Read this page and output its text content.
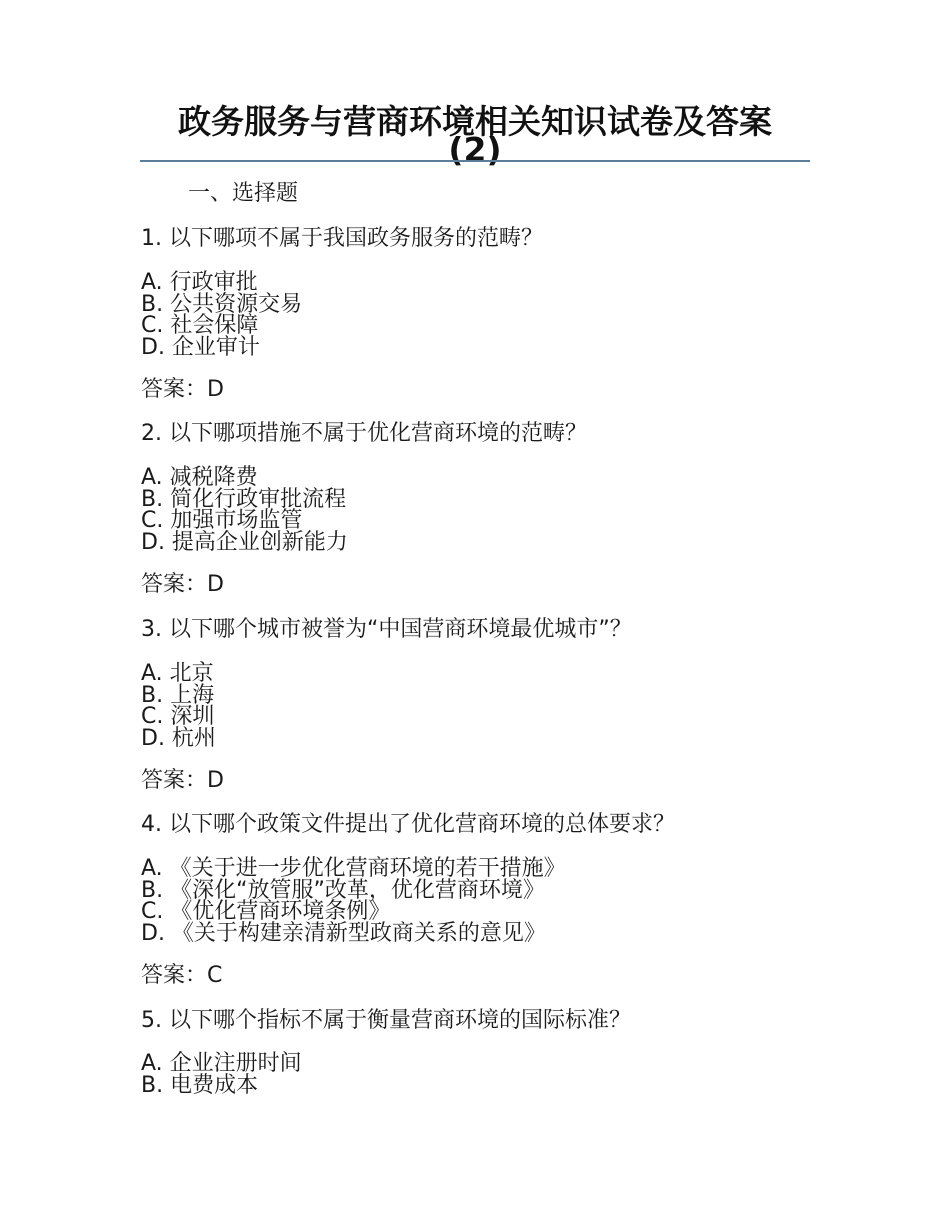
政务服务与营商环境相关知识试卷及答案
(2)
一、选择题
1. 以下哪项不属于我国政务服务的范畴？
A. 行政审批
B. 公共资源交易
C. 社会保障
D. 企业审计
答案：D
2. 以下哪项措施不属于优化营商环境的范畴？
A. 减税降费
B. 简化行政审批流程
C. 加强市场监管
D. 提高企业创新能力
答案：D
3. 以下哪个城市被誉为“中国营商环境最优城市”？
A. 北京
B. 上海
C. 深圳
D. 杭州
答案：D
4. 以下哪个政策文件提出了优化营商环境的总体要求？
A. 《关于进一步优化营商环境的若干措施》
B. 《深化“放管服”改革，优化营商环境》
C. 《优化营商环境条例》
D. 《关于构建亲清新型政商关系的意见》
答案：C
5. 以下哪个指标不属于衡量营商环境的国际标准？
A. 企业注册时间
B. 电费成本
